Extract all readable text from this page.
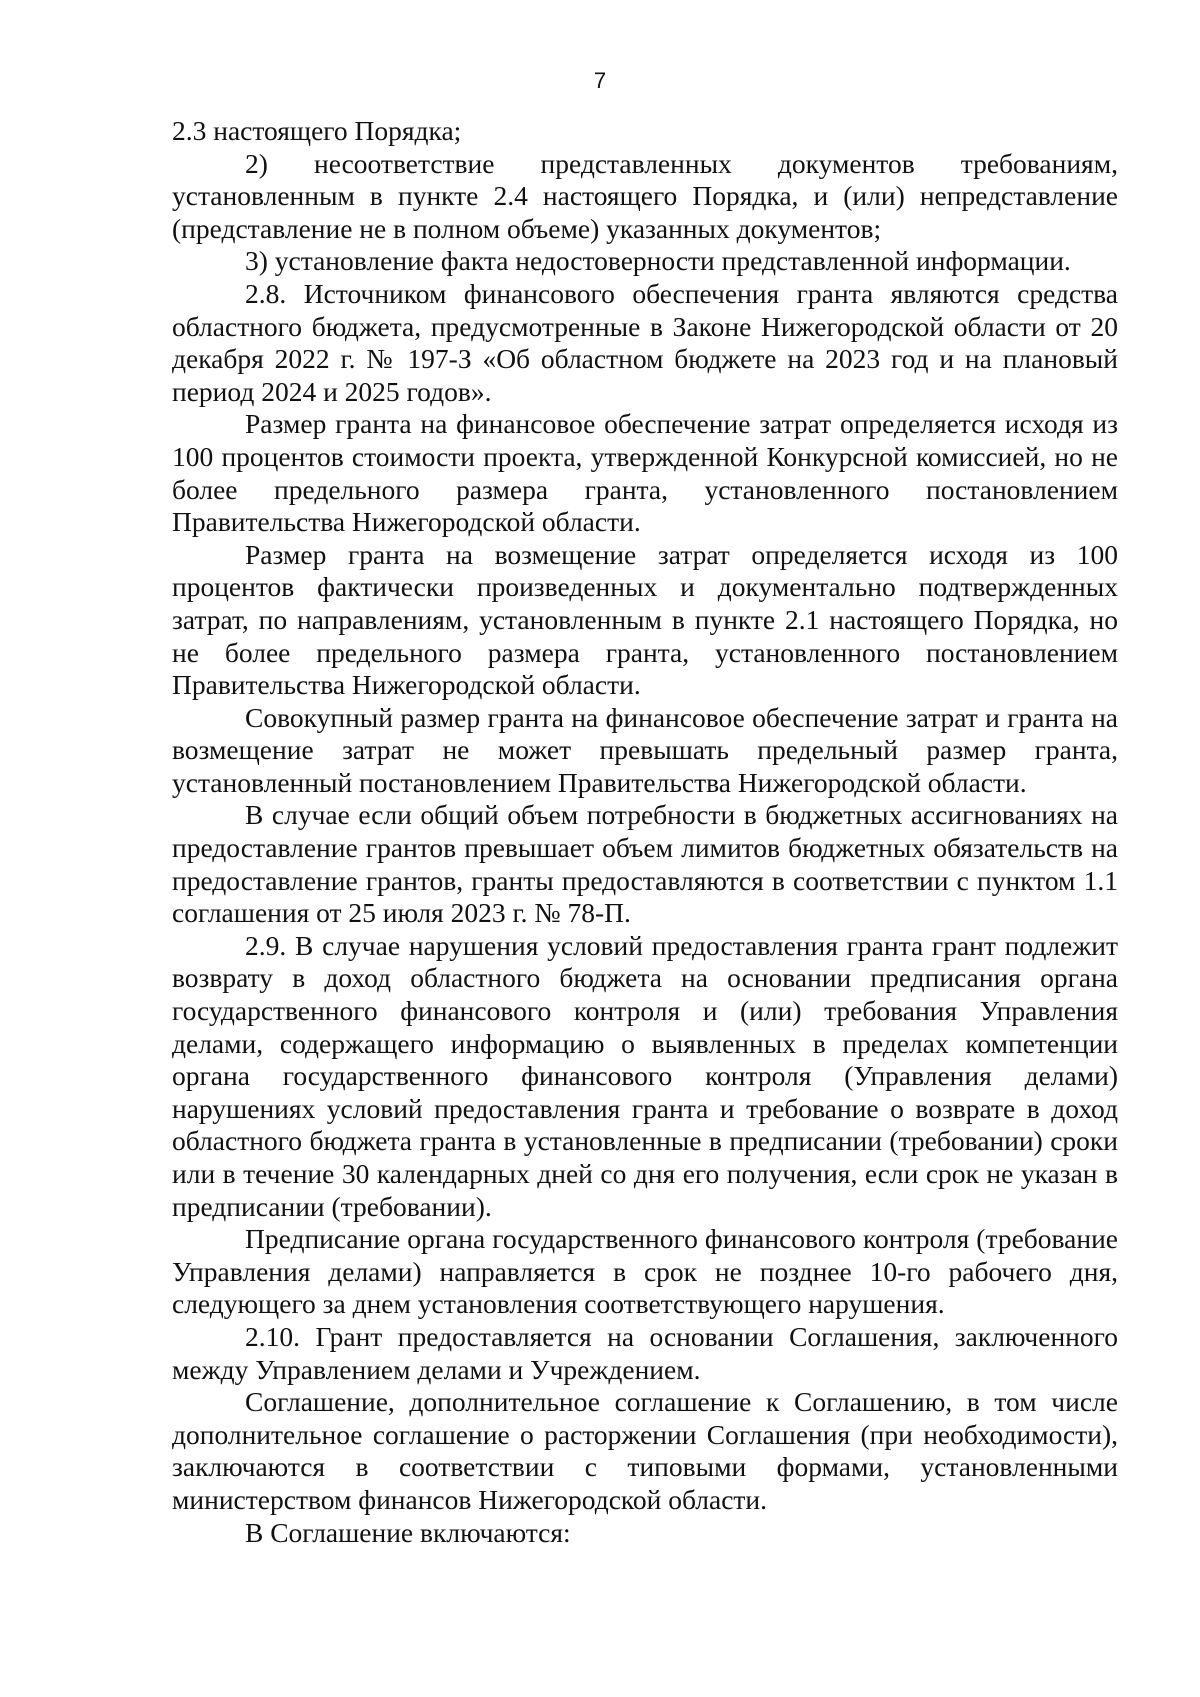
7

2.3 настоящего Порядка;

2) несоответствие представленных документов требованиям, установленным в пункте 2.4 настоящего Порядка, и (или) непредставление (представление не в полном объеме) указанных документов;

3) установление факта недостоверности представленной информации.

2.8. Источником финансового обеспечения гранта являются средства областного бюджета, предусмотренные в Законе Нижегородской области от 20 декабря 2022 г. № 197-З «Об областном бюджете на 2023 год и на плановый период 2024 и 2025 годов».

Размер гранта на финансовое обеспечение затрат определяется исходя из 100 процентов стоимости проекта, утвержденной Конкурсной комиссией, но не более предельного размера гранта, установленного постановлением Правительства Нижегородской области.

Размер гранта на возмещение затрат определяется исходя из 100 процентов фактически произведенных и документально подтвержденных затрат, по направлениям, установленным в пункте 2.1 настоящего Порядка, но не более предельного размера гранта, установленного постановлением Правительства Нижегородской области.

Совокупный размер гранта на финансовое обеспечение затрат и гранта на возмещение затрат не может превышать предельный размер гранта, установленный постановлением Правительства Нижегородской области.

В случае если общий объем потребности в бюджетных ассигнованиях на предоставление грантов превышает объем лимитов бюджетных обязательств на предоставление грантов, гранты предоставляются в соответствии с пунктом 1.1 соглашения от 25 июля 2023 г. № 78-П.

2.9. В случае нарушения условий предоставления гранта грант подлежит возврату в доход областного бюджета на основании предписания органа государственного финансового контроля и (или) требования Управления делами, содержащего информацию о выявленных в пределах компетенции органа государственного финансового контроля (Управления делами) нарушениях условий предоставления гранта и требование о возврате в доход областного бюджета гранта в установленные в предписании (требовании) сроки или в течение 30 календарных дней со дня его получения, если срок не указан в предписании (требовании).

Предписание органа государственного финансового контроля (требование Управления делами) направляется в срок не позднее 10-го рабочего дня, следующего за днем установления соответствующего нарушения.

2.10. Грант предоставляется на основании Соглашения, заключенного между Управлением делами и Учреждением.

Соглашение, дополнительное соглашение к Соглашению, в том числе дополнительное соглашение о расторжении Соглашения (при необходимости), заключаются в соответствии с типовыми формами, установленными министерством финансов Нижегородской области.

В Соглашение включаются:
